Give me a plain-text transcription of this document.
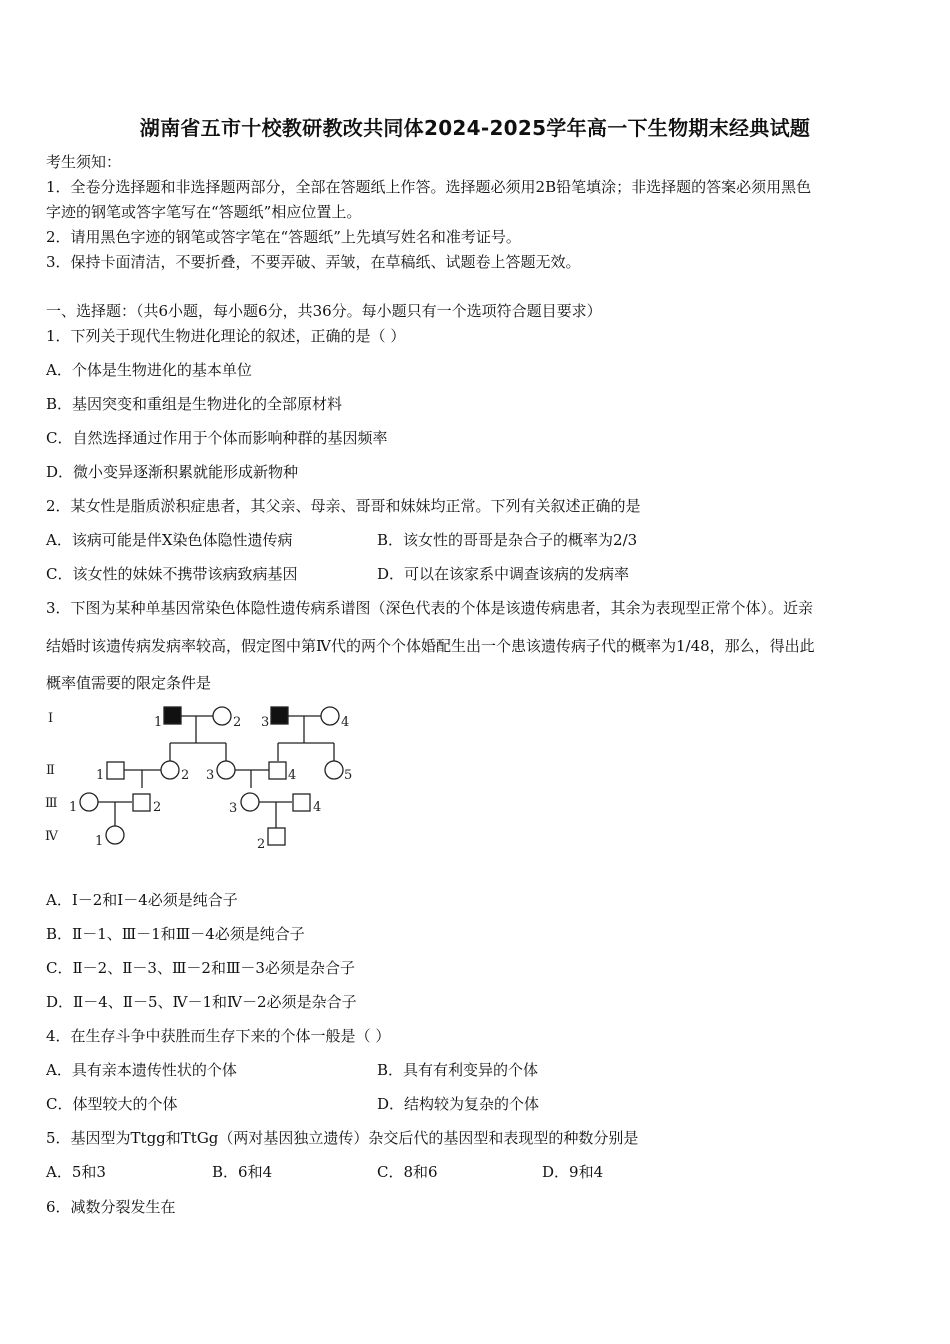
湖南省五市十校教研教改共同体2024-2025学年高一下生物期末经典试题
考生须知：
1．全卷分选择题和非选择题两部分，全部在答题纸上作答。选择题必须用2B铅笔填涂；非选择题的答案必须用黑色
字迹的钢笔或答字笔写在“答题纸”相应位置上。
2．请用黑色字迹的钢笔或答字笔在“答题纸”上先填写姓名和准考证号。
3．保持卡面清洁，不要折叠，不要弄破、弄皱，在草稿纸、试题卷上答题无效。
一、选择题：（共6小题，每小题6分，共36分。每小题只有一个选项符合题目要求）
1．下列关于现代生物进化理论的叙述，正确的是（ ）
A．个体是生物进化的基本单位
B．基因突变和重组是生物进化的全部原材料
C．自然选择通过作用于个体而影响种群的基因频率
D．微小变异逐渐积累就能形成新物种
2．某女性是脂质淤积症患者，其父亲、母亲、哥哥和妹妹均正常。下列有关叙述正确的是
A．该病可能是伴X染色体隐性遗传病	B．该女性的哥哥是杂合子的概率为2/3
C．该女性的妹妹不携带该病致病基因	D．可以在该家系中调查该病的发病率
3．下图为某种单基因常染色体隐性遗传病系谱图（深色代表的个体是该遗传病患者，其余为表现型正常个体）。近亲
结婚时该遗传病发病率较高，假定图中第Ⅳ代的两个个体婚配生出一个患该遗传病子代的概率为1/48，那么，得出此
概率值需要的限定条件是
Ⅰ
Ⅱ
Ⅲ
Ⅳ
1	2 3	4
1	2 3	4	5
1	2	3	4
1	2
A．Ⅰ－2和Ⅰ－4必须是纯合子
B．Ⅱ－1、Ⅲ－1和Ⅲ－4必须是纯合子
C．Ⅱ－2、Ⅱ－3、Ⅲ－2和Ⅲ－3必须是杂合子
D．Ⅱ－4、Ⅱ－5、Ⅳ－1和Ⅳ－2必须是杂合子
4．在生存斗争中获胜而生存下来的个体一般是（ ）
A．具有亲本遗传性状的个体	B．具有有利变异的个体
C．体型较大的个体	D．结构较为复杂的个体
5．基因型为Ttgg和TtGg（两对基因独立遗传）杂交后代的基因型和表现型的种数分别是
A．5和3	B．6和4	C．8和6	D．9和4
6．减数分裂发生在
